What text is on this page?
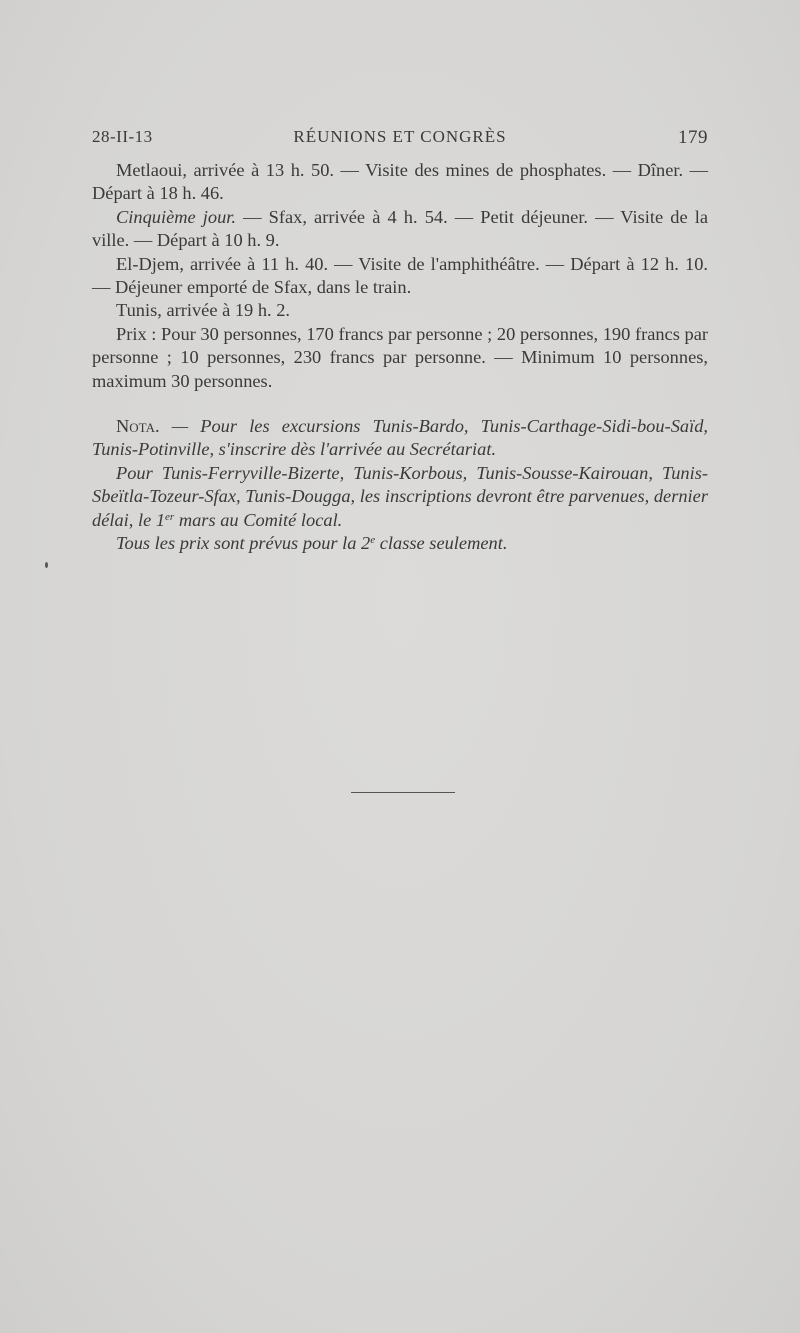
28-II-13	RÉUNIONS ET CONGRÈS	179

Metlaoui, arrivée à 13 h. 50. — Visite des mines de phosphates. — Dîner. — Départ à 18 h. 46.

Cinquième jour. — Sfax, arrivée à 4 h. 54. — Petit déjeuner. — Visite de la ville. — Départ à 10 h. 9.

El-Djem, arrivée à 11 h. 40. — Visite de l'amphithéâtre. — Départ à 12 h. 10. — Déjeuner emporté de Sfax, dans le train.

Tunis, arrivée à 19 h. 2.

Prix : Pour 30 personnes, 170 francs par personne ; 20 personnes, 190 francs par personne ; 10 personnes, 230 francs par personne. — Minimum 10 personnes, maximum 30 personnes.

Nota. — Pour les excursions Tunis-Bardo, Tunis-Carthage-Sidi-bou-Saïd, Tunis-Potinville, s'inscrire dès l'arrivée au Secrétariat.

Pour Tunis-Ferryville-Bizerte, Tunis-Korbous, Tunis-Sousse-Kairouan, Tunis-Sbeïtla-Tozeur-Sfax, Tunis-Dougga, les inscriptions devront être parvenues, dernier délai, le 1er mars au Comité local.

Tous les prix sont prévus pour la 2e classe seulement.
